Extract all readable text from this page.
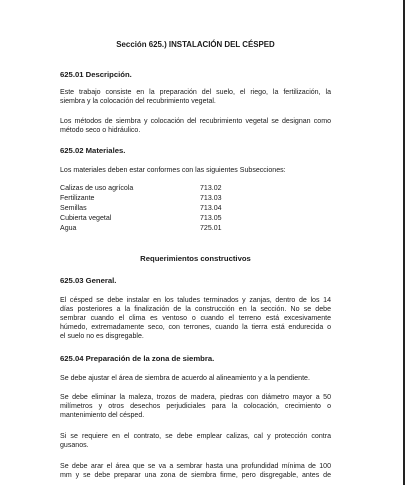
Sección 625.) INSTALACIÓN DEL CÉSPED
625.01 Descripción.
Este trabajo consiste en la preparación del suelo, el riego, la fertilización, la
siembra y la colocación del recubrimiento vegetal.
Los métodos de siembra y colocación del recubrimiento vegetal se designan como
método seco o hidráulico.
625.02 Materiales.
Los materiales deben estar conformes con las siguientes Subsecciones:
Calizas de uso agrícola	713.02
Fertilizante	713.03
Semillas	713.04
Cubierta vegetal	713.05
Agua	725.01
Requerimientos constructivos
625.03 General.
El césped se debe instalar en los taludes terminados y zanjas, dentro de los 14
días posteriores a la finalización de la construcción en la sección. No se debe
sembrar cuando el clima es ventoso o cuando el terreno está excesivamente
húmedo, extremadamente seco, con terrones, cuando la tierra está endurecida o
el suelo no es disgregable.
625.04 Preparación de la zona de siembra.
Se debe ajustar el área de siembra de acuerdo al alineamiento y a la pendiente.
Se debe eliminar la maleza, trozos de madera, piedras con diámetro mayor a 50
milímetros y otros desechos perjudiciales para la colocación, crecimiento o
mantenimiento del césped.
Si se requiere en el contrato, se debe emplear calizas, cal y protección contra
gusanos.
Se debe arar el área que se va a sembrar hasta una profundidad mínima de 100
mm y se debe preparar una zona de siembra firme, pero disgregable, antes de
